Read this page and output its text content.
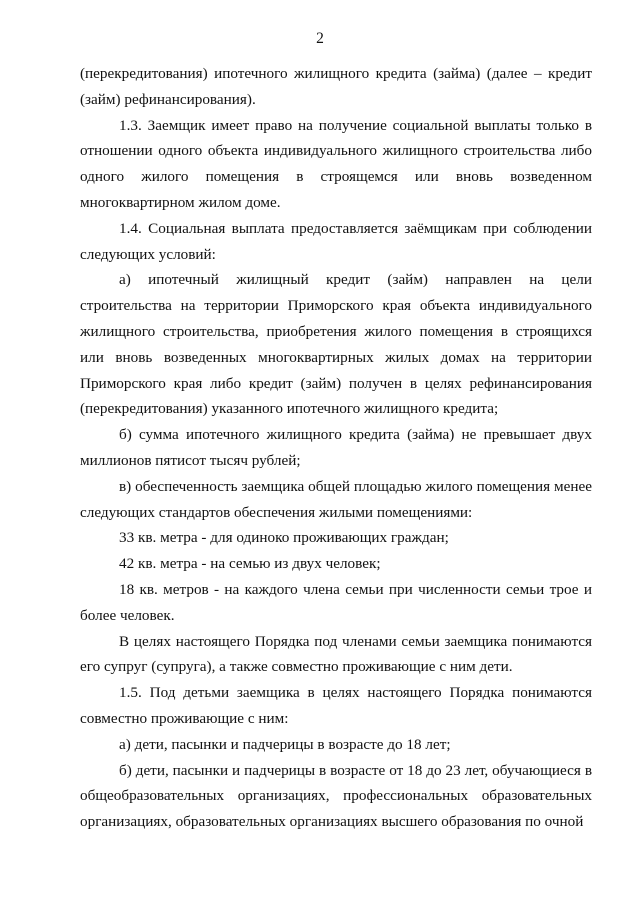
2

(перекредитования) ипотечного жилищного кредита (займа) (далее – кредит (займ) рефинансирования).

1.3. Заемщик имеет право на получение социальной выплаты только в отношении одного объекта индивидуального жилищного строительства либо одного жилого помещения в строящемся или вновь возведенном многоквартирном жилом доме.

1.4. Социальная выплата предоставляется заёмщикам при соблюдении следующих условий:

а) ипотечный жилищный кредит (займ) направлен на цели строительства на территории Приморского края объекта индивидуального жилищного строительства, приобретения жилого помещения в строящихся или вновь возведенных многоквартирных жилых домах на территории Приморского края либо кредит (займ) получен в целях рефинансирования (перекредитования) указанного ипотечного жилищного кредита;

б) сумма ипотечного жилищного кредита (займа) не превышает двух миллионов пятисот тысяч рублей;

в) обеспеченность заемщика общей площадью жилого помещения менее следующих стандартов обеспечения жилыми помещениями:

33 кв. метра - для одиноко проживающих граждан;

42 кв. метра - на семью из двух человек;

18 кв. метров - на каждого члена семьи при численности семьи трое и более человек.

В целях настоящего Порядка под членами семьи заемщика понимаются его супруг (супруга), а также совместно проживающие с ним дети.

1.5. Под детьми заемщика в целях настоящего Порядка понимаются совместно проживающие с ним:

а) дети, пасынки и падчерицы в возрасте до 18 лет;

б) дети, пасынки и падчерицы в возрасте от 18 до 23 лет, обучающиеся в общеобразовательных организациях, профессиональных образовательных организациях, образовательных организациях высшего образования по очной
